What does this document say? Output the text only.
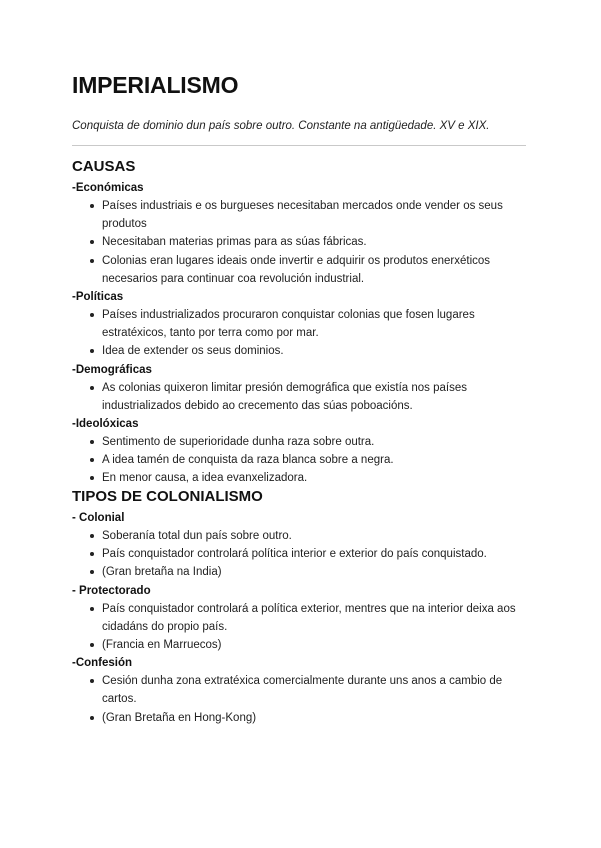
IMPERIALISMO

Conquista de dominio dun país sobre outro. Constante na antigüedade. XV e XIX.

CAUSAS
-Económicas
Países industriais e os burgueses necesitaban mercados onde vender os seus produtos
Necesitaban materias primas para as súas fábricas.
Colonias eran lugares ideais onde invertir e adquirir os produtos enerxéticos necesarios para continuar coa revolución industrial.
-Políticas
Países industrializados procuraron conquistar colonias que fosen lugares estratéxicos, tanto por terra como por mar.
Idea de extender os seus dominios.
-Demográficas
As colonias quixeron limitar presión demográfica que existía nos países industrializados debido ao crecemento das súas poboacións.
-Ideolóxicas
Sentimento de superioridade dunha raza sobre outra.
A idea tamén de conquista da raza blanca sobre a negra.
En menor causa, a idea evanxelizadora.
TIPOS DE COLONIALISMO
- Colonial
Soberanía total dun país sobre outro.
País conquistador controlará política interior e exterior do país conquistado.
(Gran bretaña na India)
- Protectorado
País conquistador controlará a política exterior, mentres que na interior deixa aos cidadáns do propio país.
(Francia en Marruecos)
-Confesión
Cesión dunha zona extratéxica comercialmente durante uns anos a cambio de cartos.
(Gran Bretaña en Hong-Kong)
